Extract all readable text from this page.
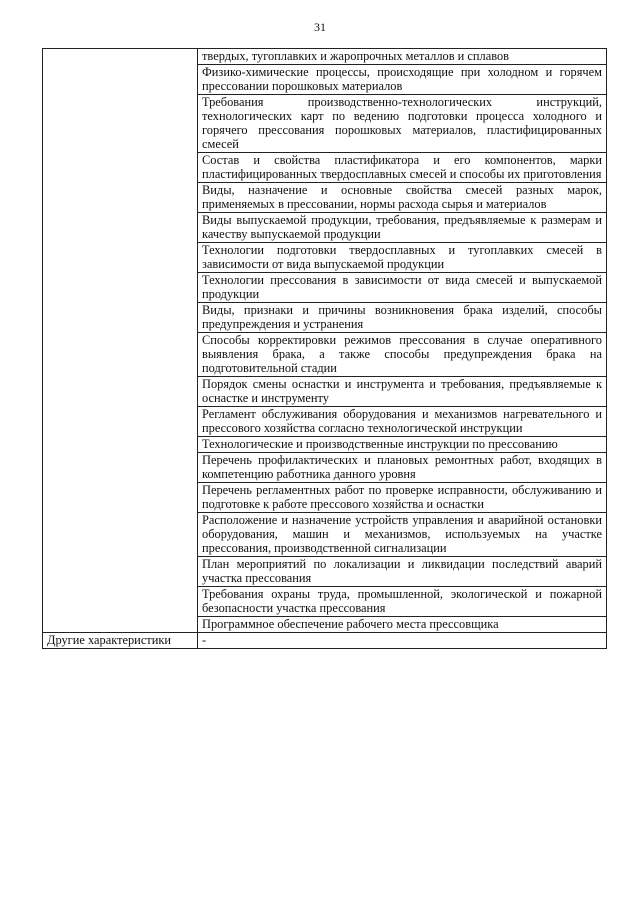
31
	твердых, тугоплавких и жаропрочных металлов и сплавов
	Физико-химические процессы, происходящие при холодном и горячем прессовании порошковых материалов
	Требования производственно-технологических инструкций, технологических карт по ведению подготовки процесса холодного и горячего прессования порошковых материалов, пластифицированных смесей
	Состав и свойства пластификатора и его компонентов, марки пластифицированных твердосплавных смесей и способы их приготовления
	Виды, назначение и основные свойства смесей разных марок, применяемых в прессовании, нормы расхода сырья и материалов
	Виды выпускаемой продукции, требования, предъявляемые к размерам и качеству выпускаемой продукции
	Технологии подготовки твердосплавных и тугоплавких смесей в зависимости от вида выпускаемой продукции
	Технологии прессования в зависимости от вида смесей и выпускаемой продукции
	Виды, признаки и причины возникновения брака изделий, способы предупреждения и устранения
	Способы корректировки режимов прессования в случае оперативного выявления брака, а также способы предупреждения брака на подготовительной стадии
	Порядок смены оснастки и инструмента и требования, предъявляемые к оснастке и инструменту
	Регламент обслуживания оборудования и механизмов нагревательного и прессового хозяйства согласно технологической инструкции
	Технологические и производственные инструкции по прессованию
	Перечень профилактических и плановых ремонтных работ, входящих в компетенцию работника данного уровня
	Перечень регламентных работ по проверке исправности, обслуживанию и подготовке к работе прессового хозяйства и оснастки
	Расположение и назначение устройств управления и аварийной остановки оборудования, машин и механизмов, используемых на участке прессования, производственной сигнализации
	План мероприятий по локализации и ликвидации последствий аварий участка прессования
	Требования охраны труда, промышленной, экологической и пожарной безопасности участка прессования
	Программное обеспечение рабочего места прессовщика
Другие характеристики	-
